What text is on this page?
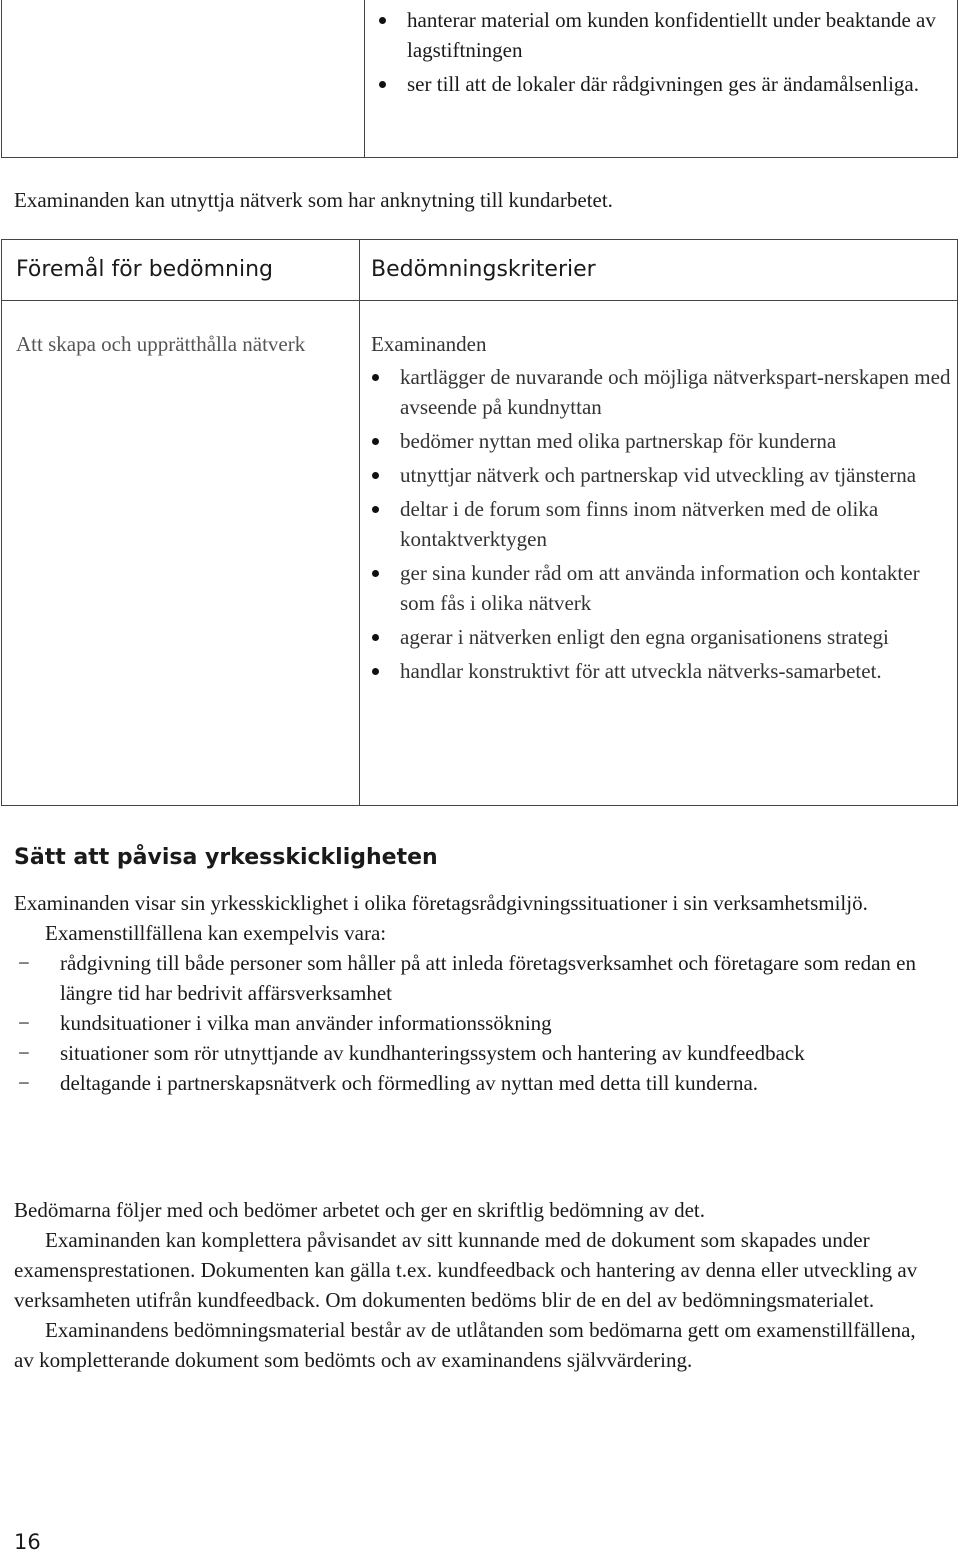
hanterar material om kunden konfidentiellt under beaktande av lagstiftningen
ser till att de lokaler där rådgivningen ges är ändamålsenliga.
Examinanden kan utnyttja nätverk som har anknytning till kundarbetet.
Föremål för bedömning	Bedömningskriterier
Att skapa och upprätthålla nätverk	Examinanden
kartlägger de nuvarande och möjliga nätverkspart-nerskapen med avseende på kundnyttan
bedömer nyttan med olika partnerskap för kunderna
utnyttjar nätverk och partnerskap vid utveckling av tjänsterna
deltar i de forum som finns inom nätverken med de olika kontaktverktygen
ger sina kunder råd om att använda information och kontakter som fås i olika nätverk
agerar i nätverken enligt den egna organisationens strategi
handlar konstruktivt för att utveckla nätverks-samarbetet.
Sätt att påvisa yrkesskickligheten

Examinanden visar sin yrkesskicklighet i olika företagsrådgivningssituationer i sin verksamhetsmiljö.

Examenstillfällena kan exempelvis vara:

− rådgivning till både personer som håller på att inleda företagsverksamhet och företagare som redan en längre tid har bedrivit affärsverksamhet
− kundsituationer i vilka man använder informationssökning
− situationer som rör utnyttjande av kundhanteringssystem och hantering av kundfeedback
− deltagande i partnerskapsnätverk och förmedling av nyttan med detta till kunderna.

Bedömarna följer med och bedömer arbetet och ger en skriftlig bedömning av det.

Examinanden kan komplettera påvisandet av sitt kunnande med de dokument som skapades under examensprestationen. Dokumenten kan gälla t.ex. kundfeedback och hantering av denna eller utveckling av verksamheten utifrån kundfeedback. Om dokumenten bedöms blir de en del av bedömningsmaterialet.

Examinandens bedömningsmaterial består av de utlåtanden som bedömarna gett om examenstillfällena, av kompletterande dokument som bedömts och av examinandens självvärdering.

16
